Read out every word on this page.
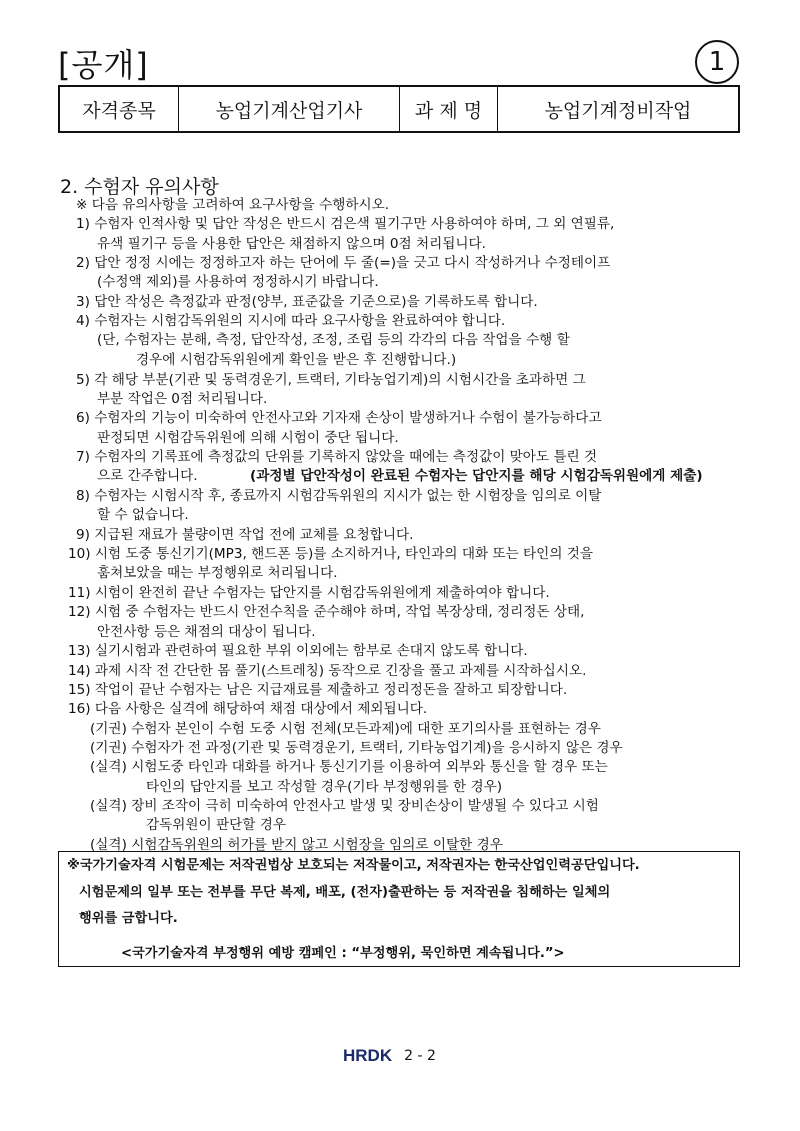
[공개]	1
자격종목	농업기계산업기사	과 제 명	농업기계정비작업
2. 수험자 유의사항
※ 다음 유의사항을 고려하여 요구사항을 수행하시오.
1) 수험자 인적사항 및 답안 작성은 반드시 검은색 필기구만 사용하여야 하며, 그 외 연필류,
유색 필기구 등을 사용한 답안은 채점하지 않으며 0점 처리됩니다.
2) 답안 정정 시에는 정정하고자 하는 단어에 두 줄(=)을 긋고 다시 작성하거나 수정테이프
(수정액 제외)를 사용하여 정정하시기 바랍니다.
3) 답안 작성은 측정값과 판정(양부, 표준값을 기준으로)을 기록하도록 합니다.
4) 수험자는 시험감독위원의 지시에 따라 요구사항을 완료하여야 합니다.
(단, 수험자는 분해, 측정, 답안작성, 조정, 조립 등의 각각의 다음 작업을 수행 할
경우에 시험감독위원에게 확인을 받은 후 진행합니다.)
5) 각 해당 부분(기관 및 동력경운기, 트랙터, 기타농업기계)의 시험시간을 초과하면 그
부분 작업은 0점 처리됩니다.
6) 수험자의 기능이 미숙하여 안전사고와 기자재 손상이 발생하거나 수험이 불가능하다고
판정되면 시험감독위원에 의해 시험이 중단 됩니다.
7) 수험자의 기록표에 측정값의 단위를 기록하지 않았을 때에는 측정값이 맞아도 틀린 것
으로 간주합니다.	(과정별 답안작성이 완료된 수험자는 답안지를 해당 시험감독위원에게 제출)
8) 수험자는 시험시작 후, 종료까지 시험감독위원의 지시가 없는 한 시험장을 임의로 이탈
할 수 없습니다.
9) 지급된 재료가 불량이면 작업 전에 교체를 요청합니다.
10) 시험 도중 통신기기(MP3, 핸드폰 등)를 소지하거나, 타인과의 대화 또는 타인의 것을
훔쳐보았을 때는 부정행위로 처리됩니다.
11) 시험이 완전히 끝난 수험자는 답안지를 시험감독위원에게 제출하여야 합니다.
12) 시험 중 수험자는 반드시 안전수칙을 준수해야 하며, 작업 복장상태, 정리정돈 상태,
안전사항 등은 채점의 대상이 됩니다.
13) 실기시험과 관련하여 필요한 부위 이외에는 함부로 손대지 않도록 합니다.
14) 과제 시작 전 간단한 몸 풀기(스트레칭) 동작으로 긴장을 풀고 과제를 시작하십시오.
15) 작업이 끝난 수험자는 남은 지급재료를 제출하고 정리정돈을 잘하고 퇴장합니다.
16) 다음 사항은 실격에 해당하여 채점 대상에서 제외됩니다.
(기권) 수험자 본인이 수험 도중 시험 전체(모든과제)에 대한 포기의사를 표현하는 경우
(기권) 수험자가 전 과정(기관 및 동력경운기, 트랙터, 기타농업기계)을 응시하지 않은 경우
(실격) 시험도중 타인과 대화를 하거나 통신기기를 이용하여 외부와 통신을 할 경우 또는
타인의 답안지를 보고 작성할 경우(기타 부정행위를 한 경우)
(실격) 장비 조작이 극히 미숙하여 안전사고 발생 및 장비손상이 발생될 수 있다고 시험
감독위원이 판단할 경우
(실격) 시험감독위원의 허가를 받지 않고 시험장을 임의로 이탈한 경우
※국가기술자격 시험문제는 저작권법상 보호되는 저작물이고, 저작권자는 한국산업인력공단입니다.
시험문제의 일부 또는 전부를 무단 복제, 배포, (전자)출판하는 등 저작권을 침해하는 일체의
행위를 금합니다.
<국가기술자격 부정행위 예방 캠페인 : “부정행위, 묵인하면 계속됩니다.”>
HRDK 2 - 2
